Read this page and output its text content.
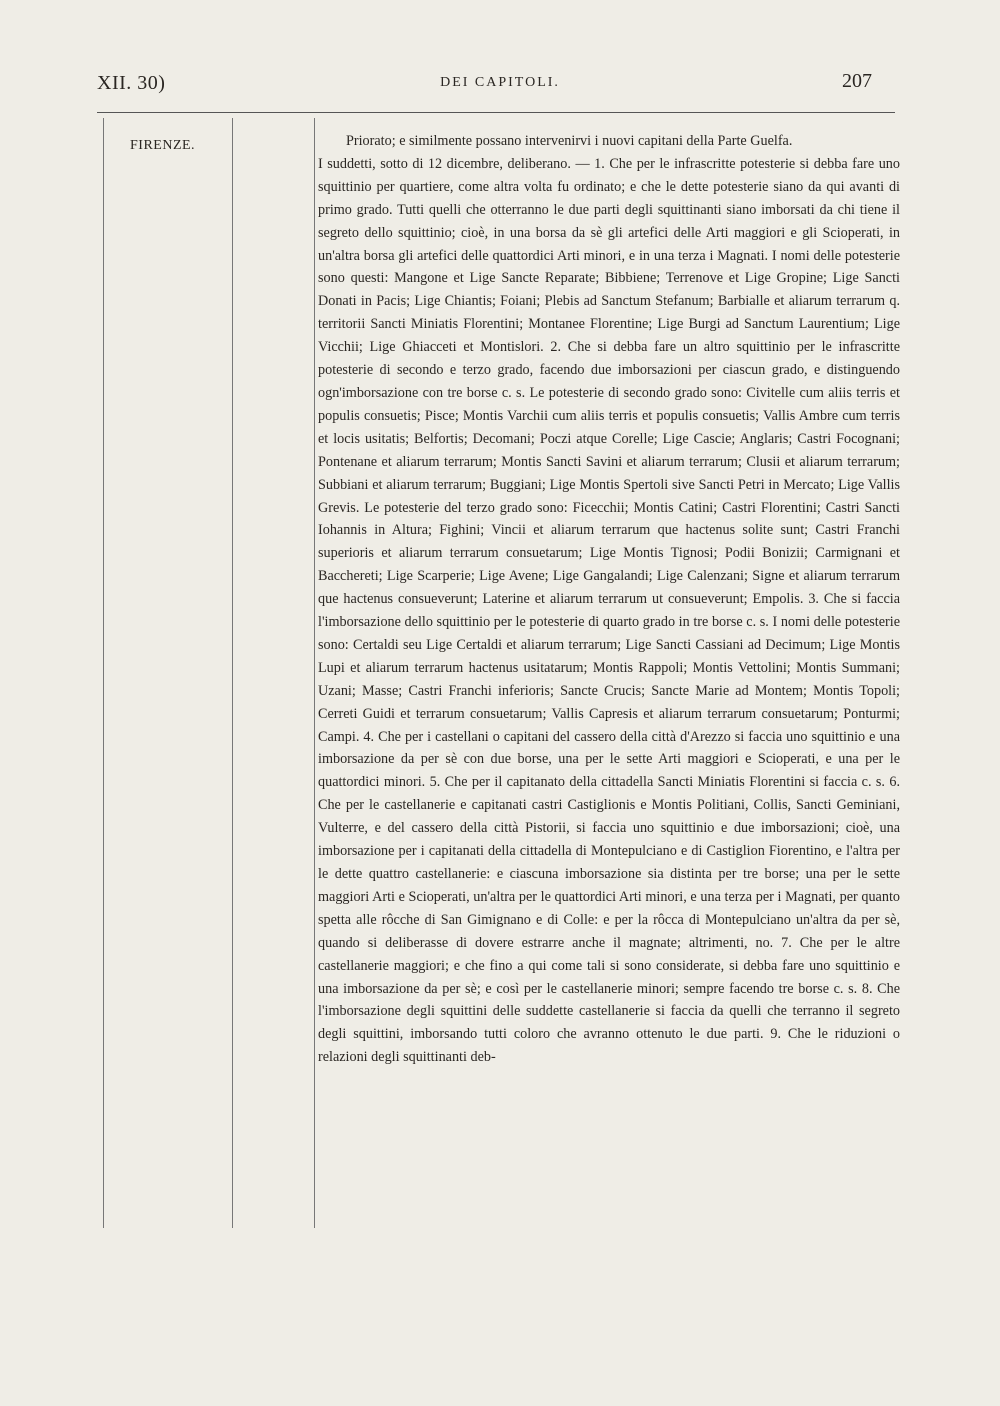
XII. 30)	DEI CAPITOLI.	207
FIRENZE.	Priorato; e similmente possano intervenirvi i nuovi capitani della Parte Guelfa.

I suddetti, sotto di 12 dicembre, deliberano. — 1. Che per le infrascritte potesterie si debba fare uno squittinio per quartiere, come altra volta fu ordinato; e che le dette potesterie siano da qui avanti di primo grado. Tutti quelli che otterranno le due parti degli squittinanti siano imborsati da chi tiene il segreto dello squittinio; cioè, in una borsa da sè gli artefici delle Arti maggiori e gli Scioperati, in un'altra borsa gli artefici delle quattordici Arti minori, e in una terza i Magnati. I nomi delle potesterie sono questi: Mangone et Lige Sancte Reparate; Bibbiene; Terrenove et Lige Gropine; Lige Sancti Donati in Pacis; Lige Chiantis; Foiani; Plebis ad Sanctum Stefanum; Barbialle et aliarum terrarum q. territorii Sancti Miniatis Florentini; Montanee Florentine; Lige Burgi ad Sanctum Laurentium; Lige Vicchii; Lige Ghiacceti et Montislori. 2. Che si debba fare un altro squittinio per le infrascritte potesterie di secondo e terzo grado, facendo due imborsazioni per ciascun grado, e distinguendo ogn'imborsazione con tre borse c. s. Le potesterie di secondo grado sono: Civitelle cum aliis terris et populis consuetis; Pisce; Montis Varchii cum aliis terris et populis consuetis; Vallis Ambre cum terris et locis usitatis; Belfortis; Decomani; Poczi atque Corelle; Lige Cascie; Anglaris; Castri Focognani; Pontenane et aliarum terrarum; Montis Sancti Savini et aliarum terrarum; Clusii et aliarum terrarum; Subbiani et aliarum terrarum; Buggiani; Lige Montis Spertoli sive Sancti Petri in Mercato; Lige Vallis Grevis. Le potesterie del terzo grado sono: Ficecchii; Montis Catini; Castri Florentini; Castri Sancti Iohannis in Altura; Fighini; Vincii et aliarum terrarum que hactenus solite sunt; Castri Franchi superioris et aliarum terrarum consuetarum; Lige Montis Tignosi; Podii Bonizii; Carmignani et Bacchereti; Lige Scarperie; Lige Avene; Lige Gangalandi; Lige Calenzani; Signe et aliarum terrarum que hactenus consueverunt; Laterine et aliarum terrarum ut consueverunt; Empolis. 3. Che si faccia l'imborsazione dello squittinio per le potesterie di quarto grado in tre borse c. s. I nomi delle potesterie sono: Certaldi seu Lige Certaldi et aliarum terrarum; Lige Sancti Cassiani ad Decimum; Lige Montis Lupi et aliarum terrarum hactenus usitatarum; Montis Rappoli; Montis Vettolini; Montis Summani; Uzani; Masse; Castri Franchi inferioris; Sancte Crucis; Sancte Marie ad Montem; Montis Topoli; Cerreti Guidi et terrarum consuetarum; Vallis Capresis et aliarum terrarum consuetarum; Ponturmi; Campi. 4. Che per i castellani o capitani del cassero della città d'Arezzo si faccia uno squittinio e una imborsazione da per sè con due borse, una per le sette Arti maggiori e Scioperati, e una per le quattordici minori. 5. Che per il capitanato della cittadella Sancti Miniatis Florentini si faccia c. s. 6. Che per le castellanerie e capitanati castri Castiglionis e Montis Politiani, Collis, Sancti Geminiani, Vulterre, e del cassero della città Pistorii, si faccia uno squittinio e due imborsazioni; cioè, una imborsazione per i capitanati della cittadella di Montepulciano e di Castiglion Fiorentino, e l'altra per le dette quattro castellanerie: e ciascuna imborsazione sia distinta per tre borse; una per le sette maggiori Arti e Scioperati, un'altra per le quattordici Arti minori, e una terza per i Magnati, per quanto spetta alle rôcche di San Gimignano e di Colle: e per la rôcca di Montepulciano un'altra da per sè, quando si deliberasse di dovere estrarre anche il magnate; altrimenti, no. 7. Che per le altre castellanerie maggiori; e che fino a qui come tali si sono considerate, si debba fare uno squittinio e una imborsazione da per sè; e così per le castellanerie minori; sempre facendo tre borse c. s. 8. Che l'imborsazione degli squittini delle suddette castellanerie si faccia da quelli che terranno il segreto degli squittini, imborsando tutti coloro che avranno ottenuto le due parti. 9. Che le riduzioni o relazioni degli squittinanti deb-
